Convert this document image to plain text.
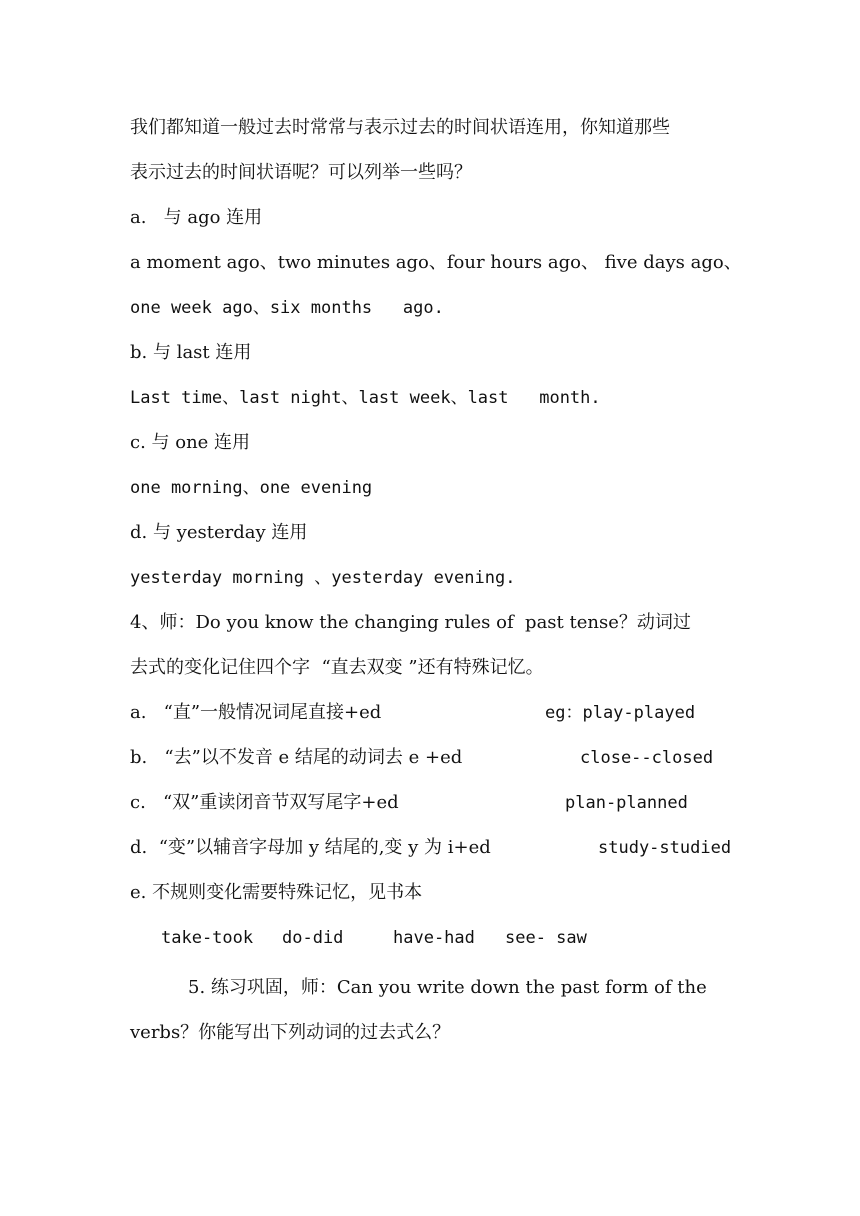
我们都知道一般过去时常常与表示过去的时间状语连用，你知道那些

表示过去的时间状语呢？可以列举一些吗？

a.   与 ago 连用

a moment ago、two minutes ago、four hours ago、 five days ago、

one week ago、six months   ago.

b. 与 last 连用

Last time、last night、last week、last   month.

c. 与 one 连用

one morning、one evening

d. 与 yesterday 连用

yesterday morning 、yesterday evening.

4、师：Do you know the changing rules of  past tense？动词过

去式的变化记住四个字  “直去双变 ”还有特殊记忆。

a.   “直”一般情况词尾直接+ed	eg：play-played
b.   “去”以不发音 e 结尾的动词去 e +ed	close--closed
c.   “双”重读闭音节双写尾字+ed	plan-planned
d.  “变”以辅音字母加 y 结尾的,变 y 为 i+ed	study-studied

e. 不规则变化需要特殊记忆，见书本

take-took do-did	have-had see- saw

5. 练习巩固，师：Can you write down the past form of the

verbs？你能写出下列动词的过去式么？
